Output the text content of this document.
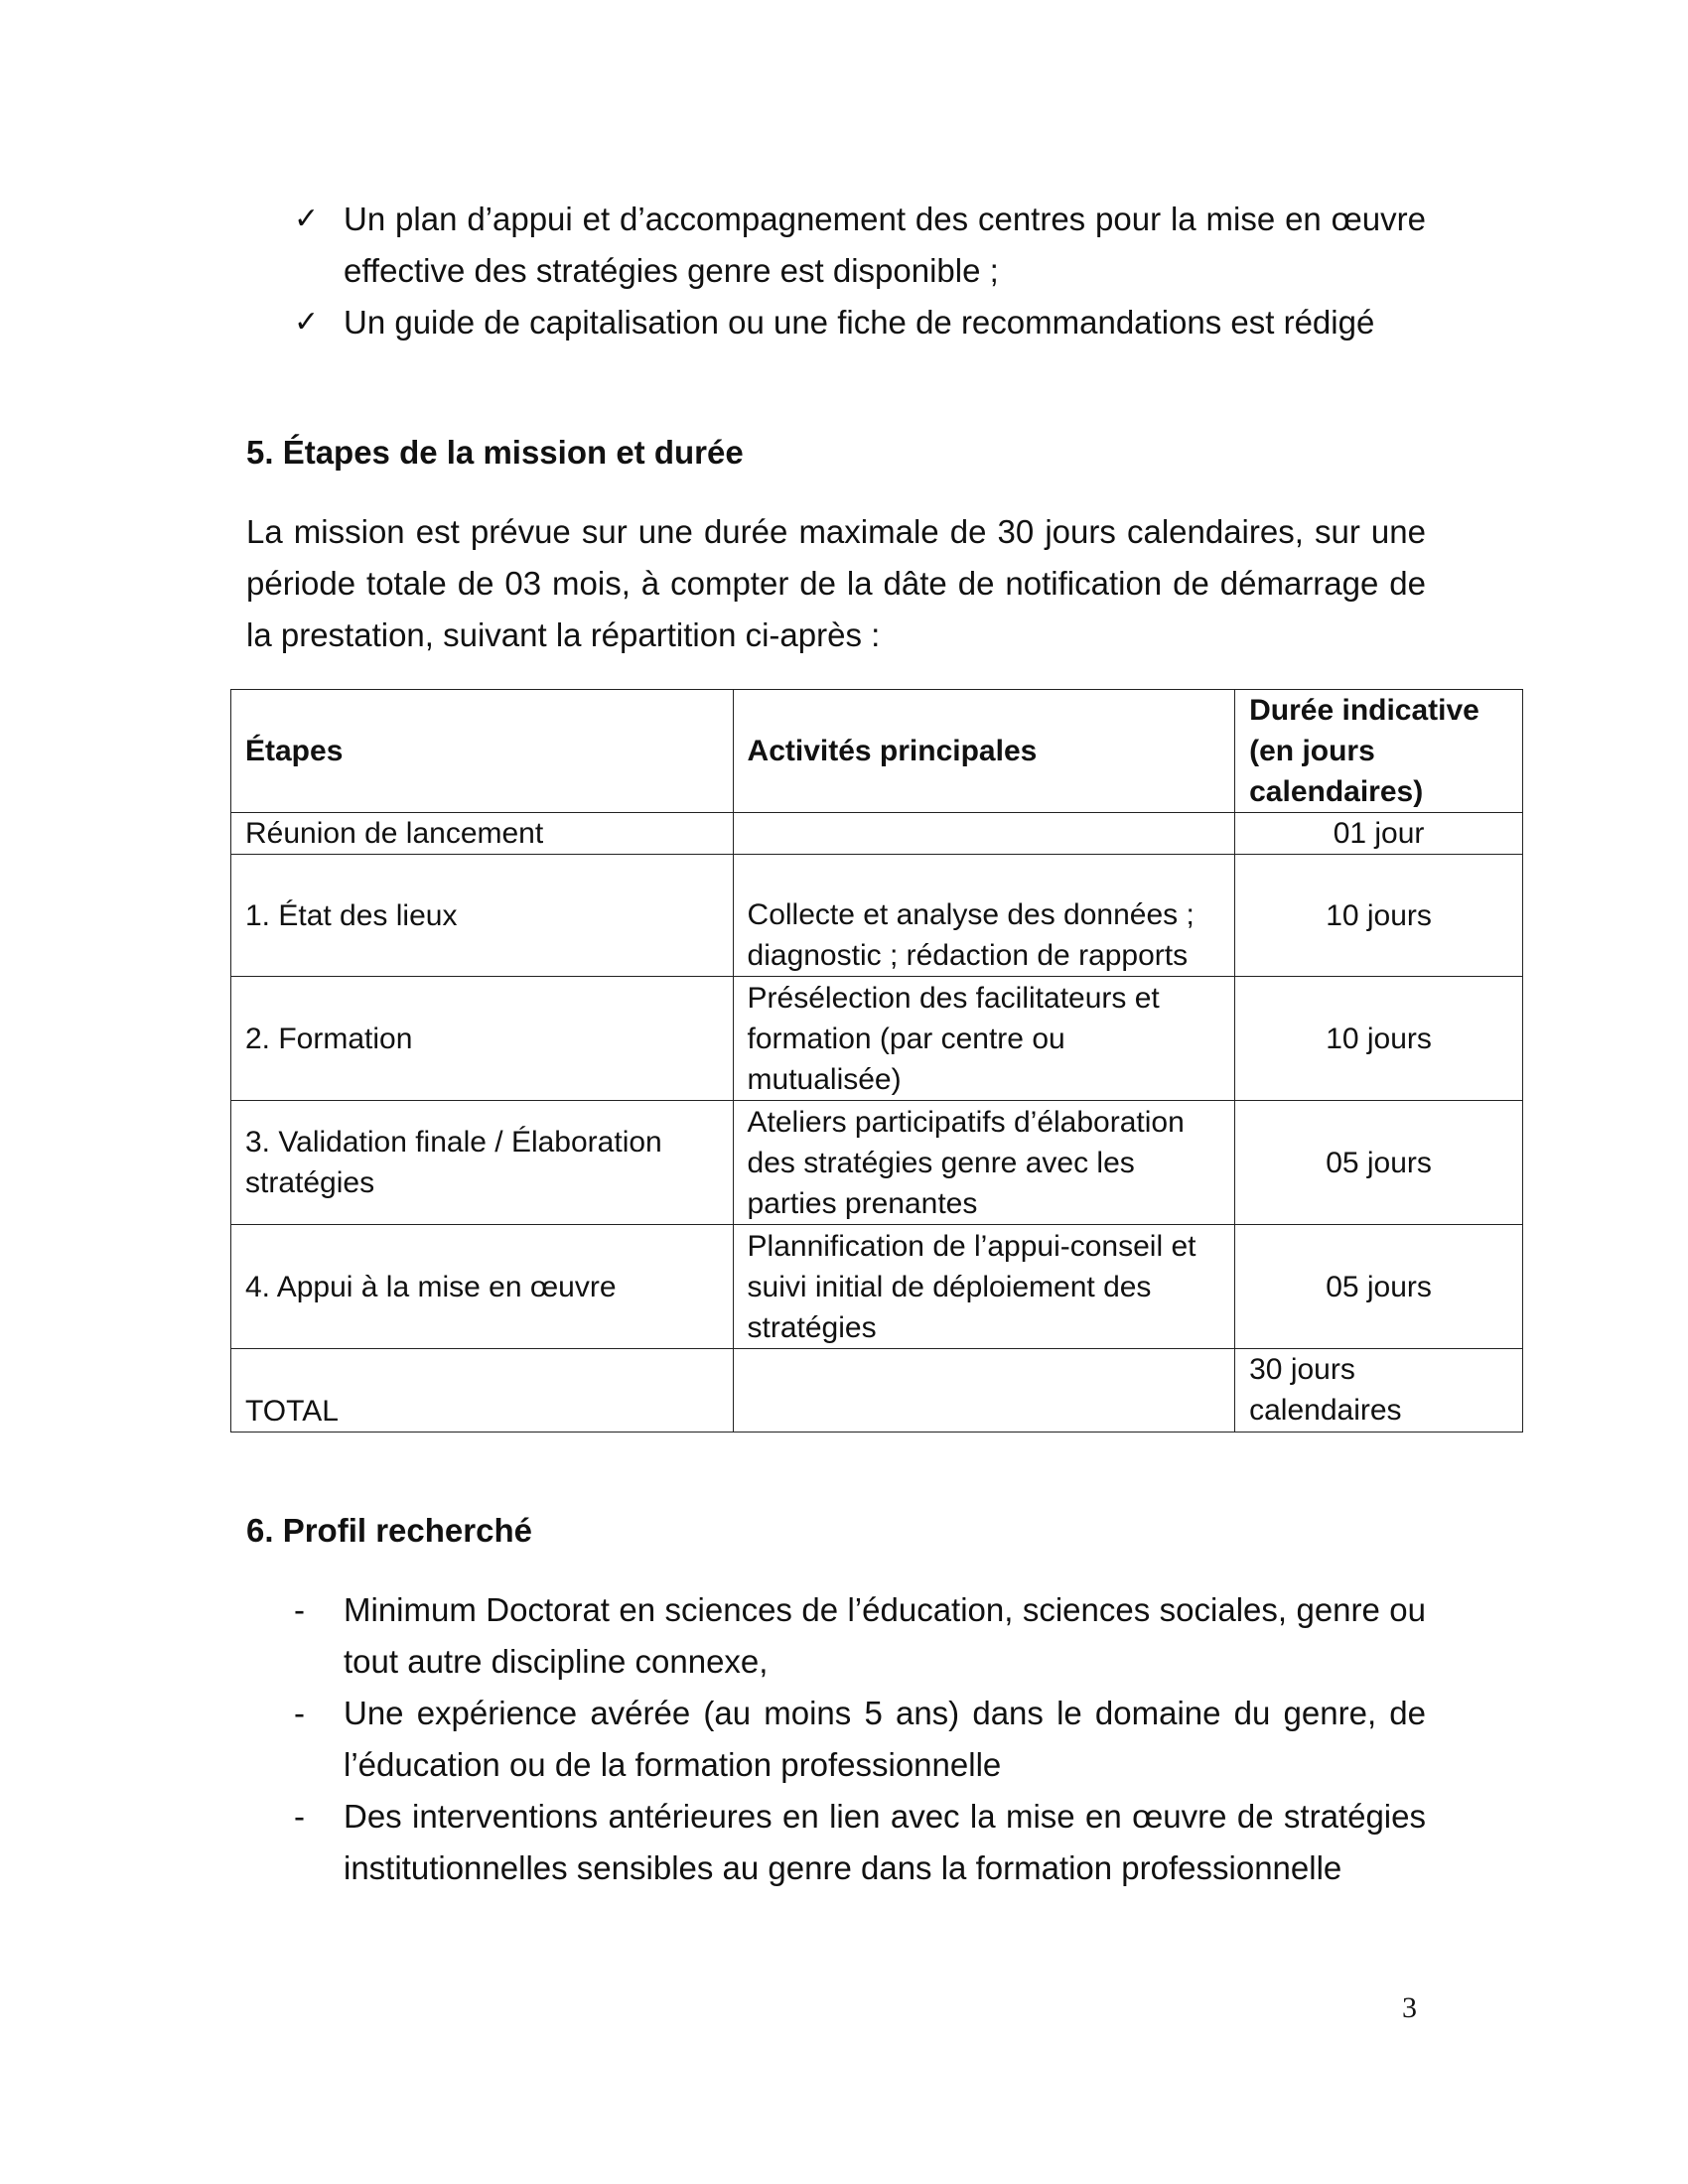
✓ Un plan d’appui et d’accompagnement des centres pour la mise en œuvre effective des stratégies genre est disponible ;
✓ Un guide de capitalisation ou une fiche de recommandations est rédigé
5. Étapes de la mission et durée

La mission est prévue sur une durée maximale de 30 jours calendaires, sur une période totale de 03 mois, à compter de la dâte de notification de démarrage de la prestation, suivant la répartition ci-après :

Étapes	Activités principales	Durée indicative (en jours calendaires)
Réunion de lancement		01 jour
1. État des lieux	Collecte et analyse des données ; diagnostic ; rédaction de rapports	10 jours
2. Formation	Présélection des facilitateurs et formation (par centre ou mutualisée)	10 jours
3. Validation finale / Élaboration stratégies	Ateliers participatifs d’élaboration des stratégies genre avec les parties prenantes	05 jours
4. Appui à la mise en œuvre	Plannification de l’appui-conseil et suivi initial de déploiement des stratégies	05 jours
TOTAL		30 jours calendaires
6. Profil recherché
-	Minimum Doctorat en sciences de l’éducation, sciences sociales, genre ou tout autre discipline connexe,
-	Une expérience avérée (au moins 5 ans) dans le domaine du genre, de l’éducation ou de la formation professionnelle
-	Des interventions antérieures en lien avec la mise en œuvre de stratégies institutionnelles sensibles au genre dans la formation professionnelle
3
